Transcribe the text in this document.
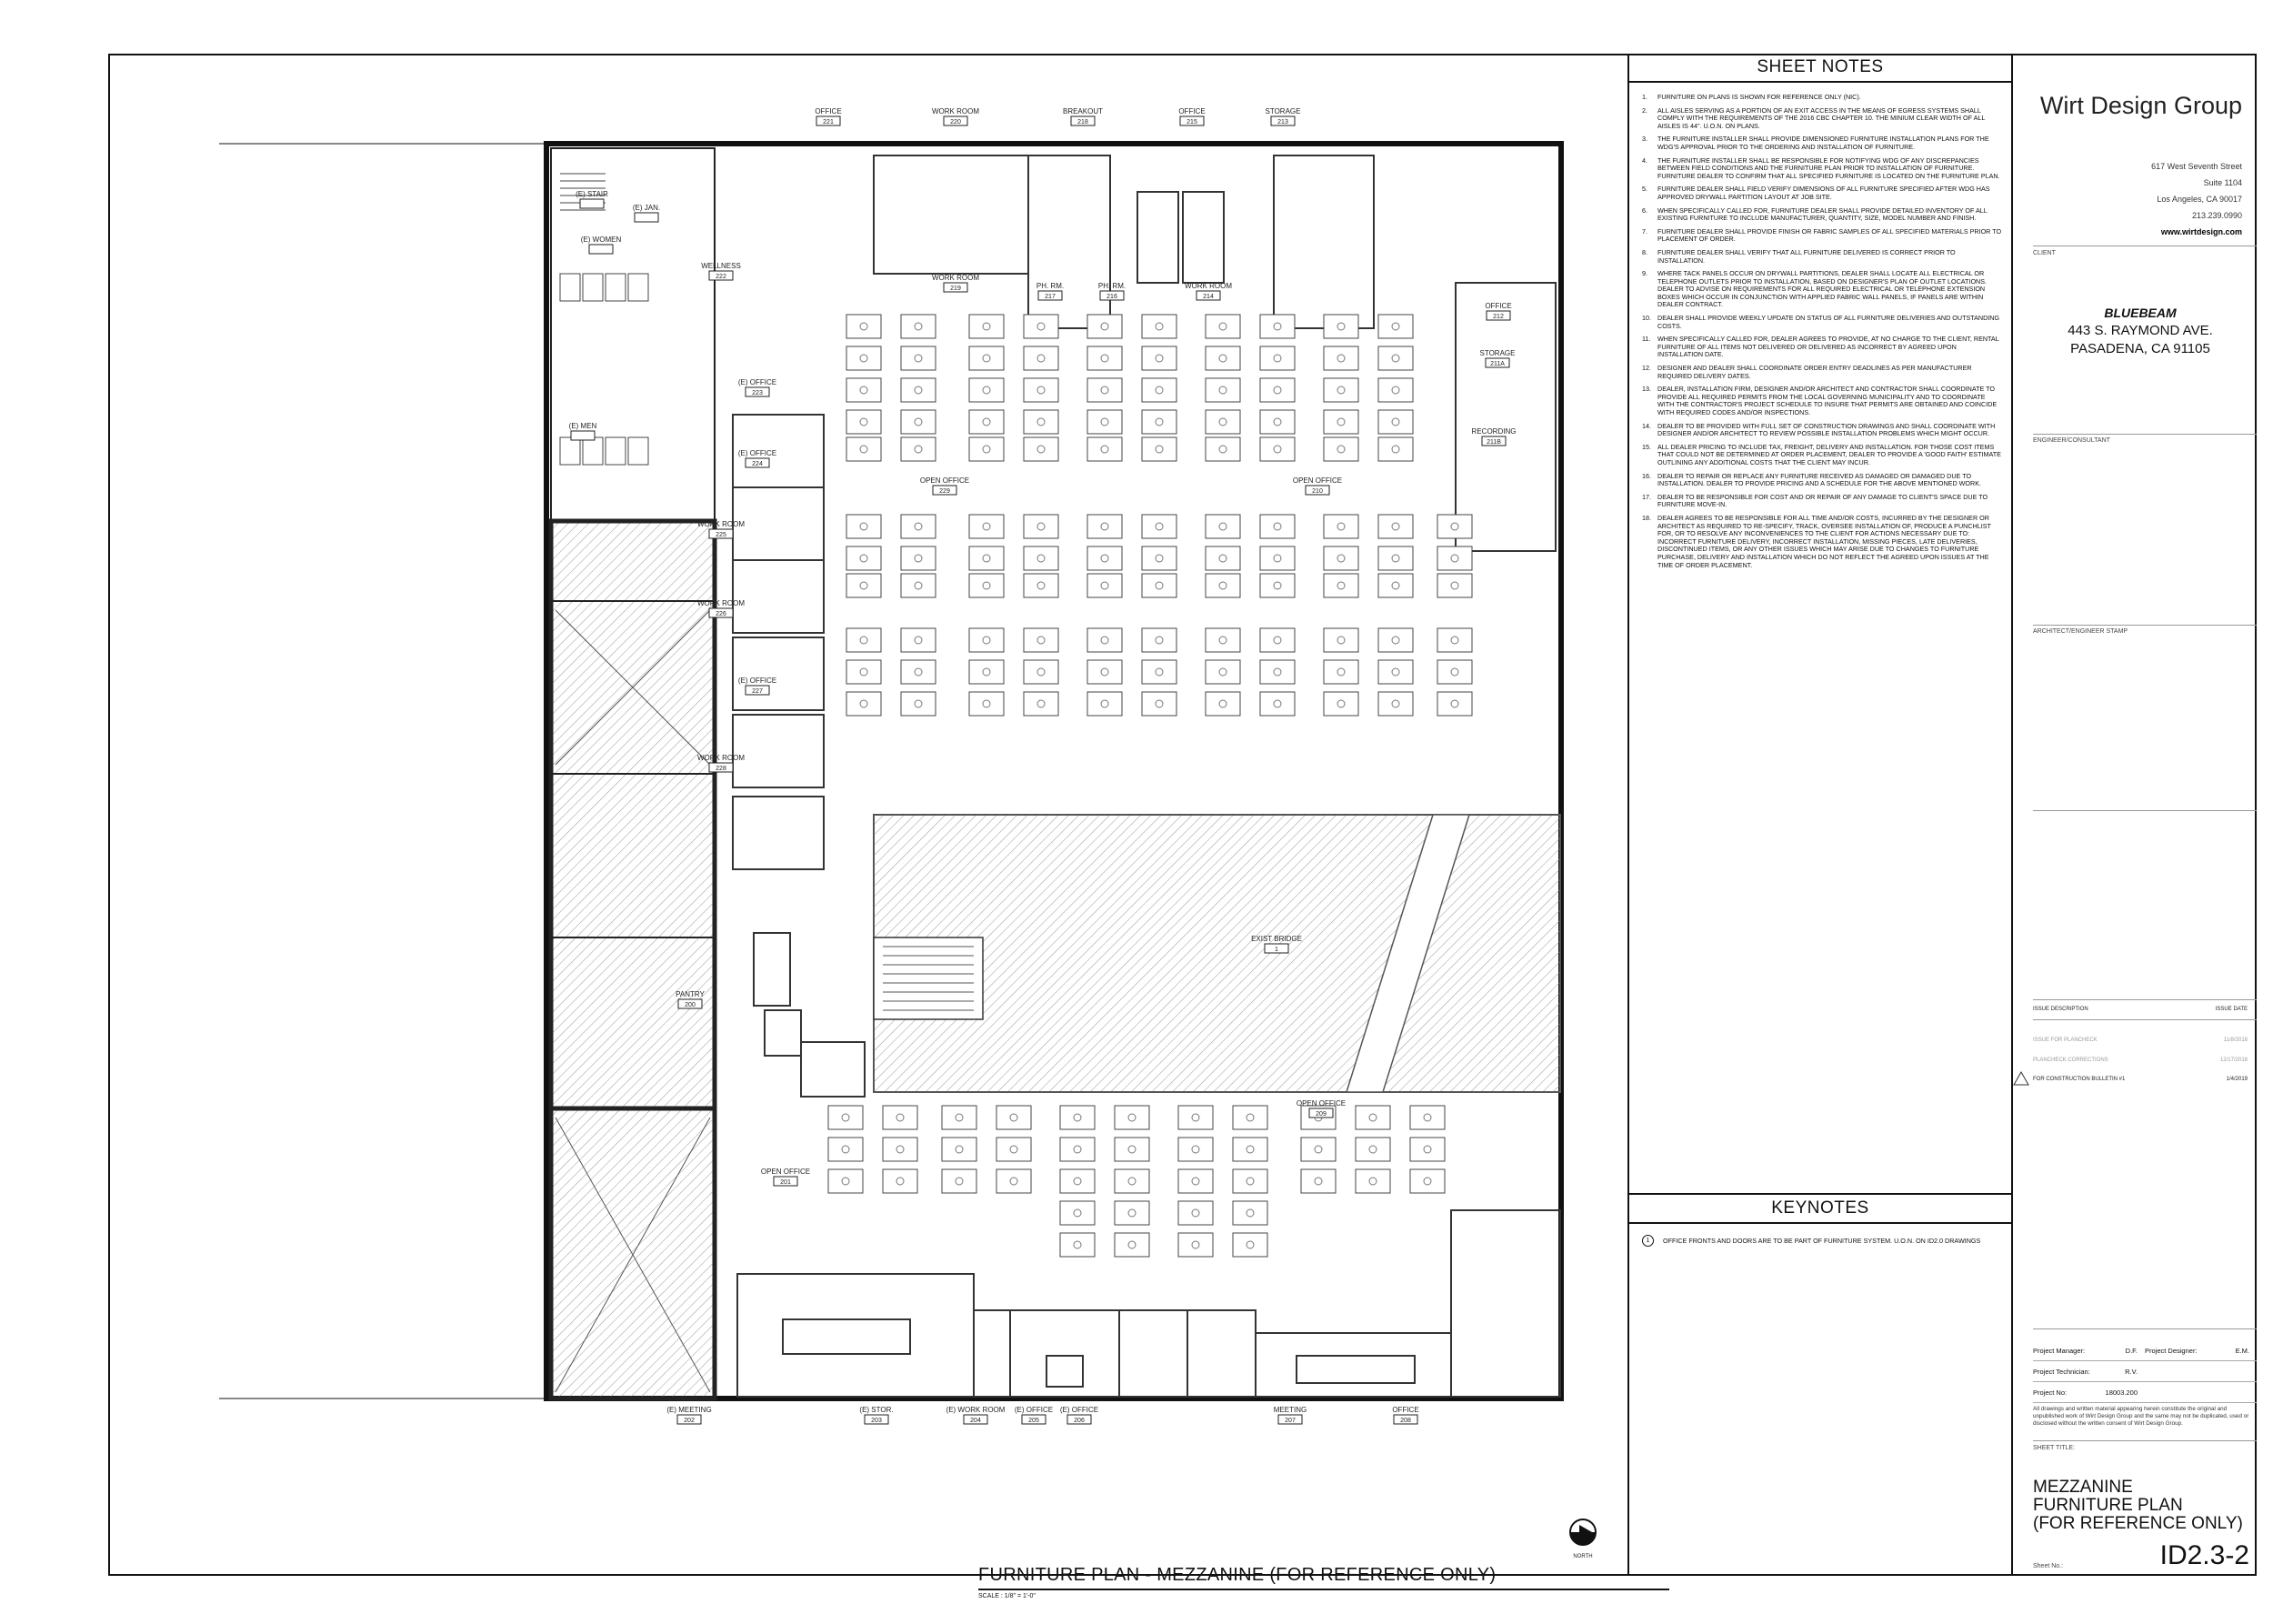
OFFICE
221
WORK ROOM
220
BREAKOUT
218
OFFICE
215
STORAGE
213
(E) MEETING
202
(E) STOR.
203
(E) WORK ROOM
204
(E) OFFICE
205
(E) OFFICE
206
MEETING
207
OFFICE
208
(E) STAIR
(E) JAN.
(E) WOMEN
WELLNESS
222
(E) OFFICE
223
(E) MEN
(E) OFFICE
224
WORK ROOM
225
WORK ROOM
226
(E) OFFICE
227
WORK ROOM
228
PANTRY
200
WORK ROOM
219	PH. RM.
217
PH. RM.
216
WORK ROOM
214
OPEN OFFICE
229
OPEN OFFICE
210
OPEN OFFICE
209
OPEN OFFICE
201
EXIST BRIDGE
1
OFFICE
212
STORAGE
211A
RECORDING
211B
NORTH
FURNITURE PLAN - MEZZANINE (FOR REFERENCE ONLY)
SCALE : 1/8" = 1'-0"
SHEET NOTES
1.	FURNITURE ON PLANS IS SHOWN FOR REFERENCE ONLY (NIC).
2.	ALL AISLES SERVING AS A PORTION OF AN EXIT ACCESS IN THE MEANS OF EGRESS SYSTEMS SHALL COMPLY WITH THE REQUIREMENTS OF THE 2016 CBC CHAPTER 10. THE MINIUM CLEAR WIDTH OF ALL AISLES IS 44". U.O.N. ON PLANS.
3.	THE FURNITURE INSTALLER SHALL PROVIDE DIMENSIONED FURNITURE INSTALLATION PLANS FOR THE WDG'S APPROVAL PRIOR TO THE ORDERING AND INSTALLATION OF FURNITURE.
4.	THE FURNITURE INSTALLER SHALL BE RESPONSIBLE FOR NOTIFYING WDG OF ANY DISCREPANCIES BETWEEN FIELD CONDITIONS AND THE FURNITURE PLAN PRIOR TO INSTALLATION OF FURNITURE. FURNITURE DEALER TO CONFIRM THAT ALL SPECIFIED FURNITURE IS LOCATED ON THE FURNITURE PLAN.
5.	FURNITURE DEALER SHALL FIELD VERIFY DIMENSIONS OF ALL FURNITURE SPECIFIED AFTER WDG HAS APPROVED DRYWALL PARTITION LAYOUT AT JOB SITE.
6.	WHEN SPECIFICALLY CALLED FOR, FURNITURE DEALER SHALL PROVIDE DETAILED INVENTORY OF ALL EXISTING FURNITURE TO INCLUDE MANUFACTURER, QUANTITY, SIZE, MODEL NUMBER AND FINISH.
7.	FURNITURE DEALER SHALL PROVIDE FINISH OR FABRIC SAMPLES OF ALL SPECIFIED MATERIALS PRIOR TO PLACEMENT OF ORDER.
8.	FURNITURE DEALER SHALL VERIFY THAT ALL FURNITURE DELIVERED IS CORRECT PRIOR TO INSTALLATION.
9.	WHERE TACK PANELS OCCUR ON DRYWALL PARTITIONS, DEALER SHALL LOCATE ALL ELECTRICAL OR TELEPHONE OUTLETS PRIOR TO INSTALLATION, BASED ON DESIGNER'S PLAN OF OUTLET LOCATIONS. DEALER TO ADVISE ON REQUIREMENTS FOR ALL REQUIRED ELECTRICAL OR TELEPHONE EXTENSION BOXES WHICH OCCUR IN CONJUNCTION WITH APPLIED FABRIC WALL PANELS, IF PANELS ARE WITHIN DEALER CONTRACT.
10. DEALER SHALL PROVIDE WEEKLY UPDATE ON STATUS OF ALL FURNITURE DELIVERIES AND OUTSTANDING COSTS.
11.	WHEN SPECIFICALLY CALLED FOR, DEALER AGREES TO PROVIDE, AT NO CHARGE TO THE CLIENT, RENTAL FURNITURE OF ALL ITEMS NOT DELIVERED OR DELIVERED AS INCORRECT BY AGREED UPON INSTALLATION DATE.
12. DESIGNER AND DEALER SHALL COORDINATE ORDER ENTRY DEADLINES AS PER MANUFACTURER REQUIRED DELIVERY DATES.
13. DEALER, INSTALLATION FIRM, DESIGNER AND/OR ARCHITECT AND CONTRACTOR SHALL COORDINATE TO PROVIDE ALL REQUIRED PERMITS FROM THE LOCAL GOVERNING MUNICIPALITY AND TO COORDINATE WITH THE CONTRACTOR'S PROJECT SCHEDULE TO INSURE THAT PERMITS ARE OBTAINED AND COINCIDE WITH REQUIRED CODES AND/OR INSPECTIONS.
14. DEALER TO BE PROVIDED WITH FULL SET OF CONSTRUCTION DRAWINGS AND SHALL COORDINATE WITH DESIGNER AND/OR ARCHITECT TO REVIEW POSSIBLE INSTALLATION PROBLEMS WHICH MIGHT OCCUR.
15. ALL DEALER PRICING TO INCLUDE TAX, FREIGHT, DELIVERY AND INSTALLATION. FOR THOSE COST ITEMS THAT COULD NOT BE DETERMINED AT ORDER PLACEMENT, DEALER TO PROVIDE A 'GOOD FAITH' ESTIMATE OUTLINING ANY ADDITIONAL COSTS THAT THE CLIENT MAY INCUR.
16. DEALER TO REPAIR OR REPLACE ANY FURNITURE RECEIVED AS DAMAGED OR DAMAGED DUE TO INSTALLATION. DEALER TO PROVIDE PRICING AND A SCHEDULE FOR THE ABOVE MENTIONED WORK.
17. DEALER TO BE RESPONSIBLE FOR COST AND OR REPAIR OF ANY DAMAGE TO CLIENT'S SPACE DUE TO FURNITURE MOVE-IN.
18. DEALER AGREES TO BE RESPONSIBLE FOR ALL TIME AND/OR COSTS, INCURRED BY THE DESIGNER OR ARCHITECT AS REQUIRED TO RE-SPECIFY, TRACK, OVERSEE INSTALLATION OF, PRODUCE A PUNCHLIST FOR, OR TO RESOLVE ANY INCONVENIENCES TO THE CLIENT FOR ACTIONS NECESSARY DUE TO: INCORRECT FURNITURE DELIVERY, INCORRECT INSTALLATION, MISSING PIECES, LATE DELIVERIES, DISCONTINUED ITEMS, OR ANY OTHER ISSUES WHICH MAY ARISE DUE TO CHANGES TO FURNITURE PURCHASE, DELIVERY AND INSTALLATION WHICH DO NOT REFLECT THE AGREED UPON ISSUES AT THE TIME OF ORDER PLACEMENT.
KEYNOTES
1	OFFICE FRONTS AND DOORS ARE TO BE PART OF FURNITURE SYSTEM. U.O.N. ON ID2.0 DRAWINGS
Wirt Design Group
617 West Seventh Street
Suite 1104
Los Angeles, CA 90017
213.239.0990
www.wirtdesign.com
CLIENT
BLUEBEAM
443 S. RAYMOND AVE.
PASADENA, CA 91105
ENGINEER/CONSULTANT
ARCHITECT/ENGINEER STAMP
ISSUE DESCRIPTION	ISSUE DATE
ISSUE FOR PLANCHECK	11/8/2018
PLANCHECK CORRECTIONS	12/17/2018
FOR CONSTRUCTION BULLETIN #1	1/4/2019
Project Manager:	D.F. Project Designer:	E.M.
Project Technician:	R.V.
Project No:	18003.200
All drawings and written material appearing herein constitute the original and unpublished work of Wirt Design Group and the same may not be duplicated, used or disclosed without the written consent of Wirt Design Group.
SHEET TITLE:
MEZZANINE
FURNITURE PLAN
(FOR REFERENCE ONLY)
Sheet No.:	ID2.3-2
